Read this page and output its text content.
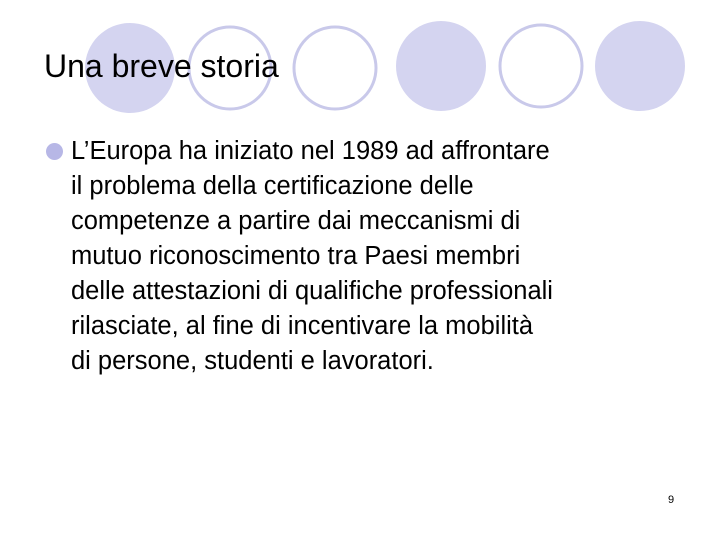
Una breve storia

L’Europa ha iniziato nel 1989 ad affrontare
il problema della certificazione delle
competenze a partire dai meccanismi di
mutuo riconoscimento tra Paesi membri
delle attestazioni di qualifiche professionali
rilasciate, al fine di incentivare la mobilità
di persone, studenti e lavoratori.

9
